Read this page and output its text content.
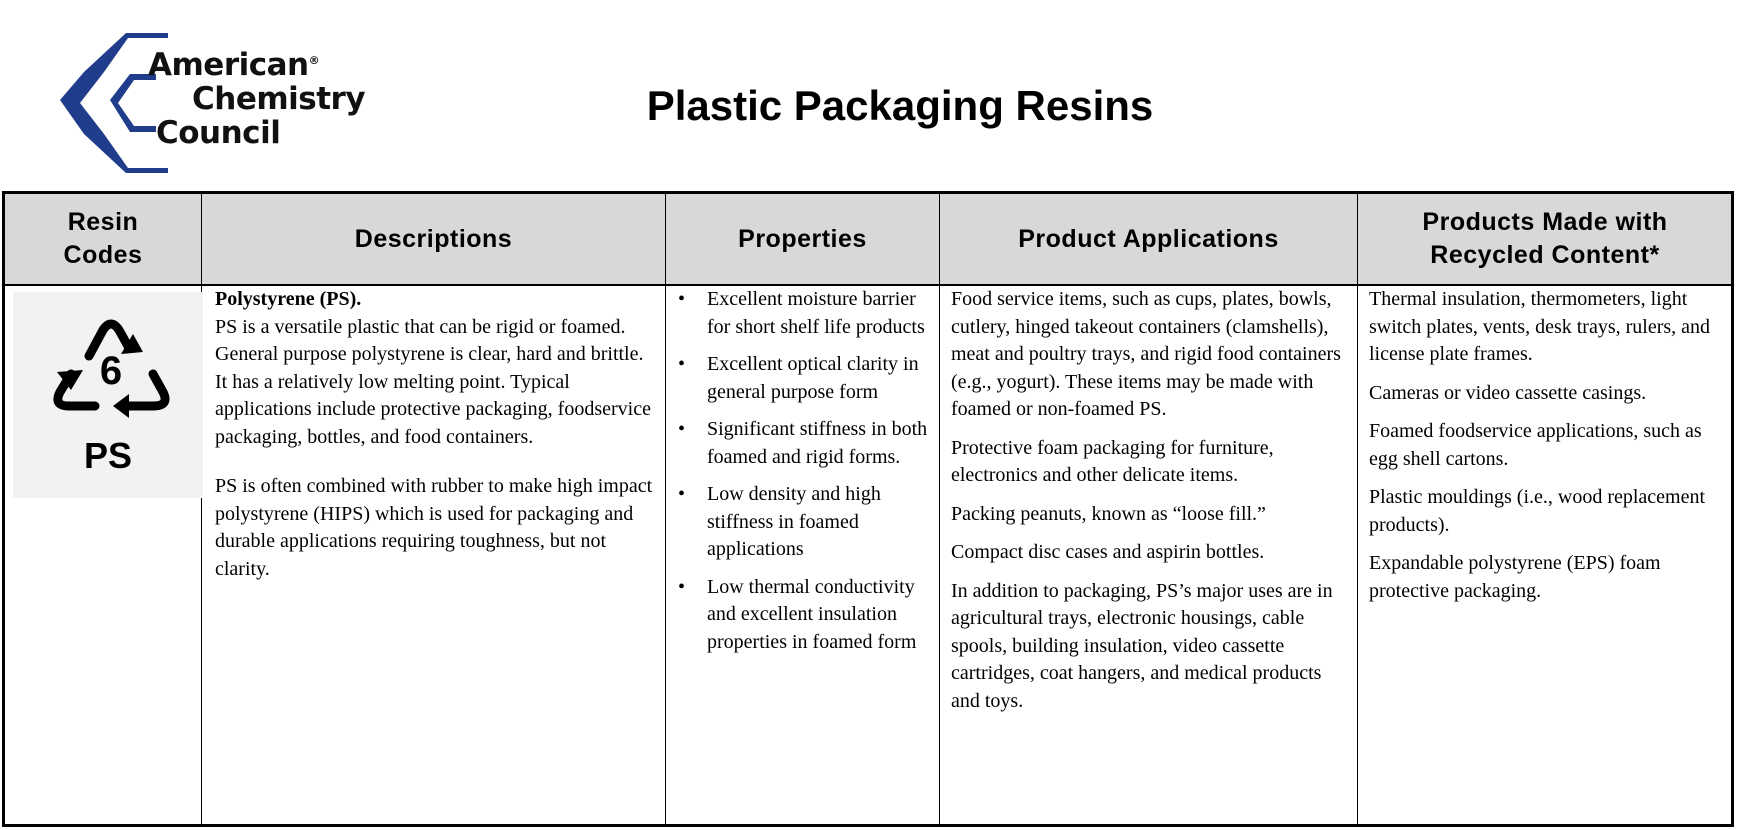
American®
Chemistry
Council
Plastic Packaging Resins
Resin
Codes
Descriptions	Properties	Product Applications
Products Made with
Recycled Content*
6
PS

Polystyrene (PS).

PS is a versatile plastic that can be rigid or foamed. General purpose polystyrene is clear, hard and brittle. It has a relatively low melting point. Typical applications include protective packaging, foodservice packaging, bottles, and food containers.

PS is often combined with rubber to make high impact polystyrene (HIPS) which is used for packaging and durable applications requiring toughness, but not clarity.

• Excellent moisture barrier for short shelf life products
• Excellent optical clarity in general purpose form
• Significant stiffness in both foamed and rigid forms.
• Low density and high stiffness in foamed applications
• Low thermal conductivity and excellent insulation properties in foamed form

Food service items, such as cups, plates, bowls, cutlery, hinged takeout containers (clamshells), meat and poultry trays, and rigid food containers (e.g., yogurt). These items may be made with foamed or non-foamed PS.

Protective foam packaging for furniture, electronics and other delicate items.

Packing peanuts, known as “loose fill.”

Compact disc cases and aspirin bottles.

In addition to packaging, PS’s major uses are in agricultural trays, electronic housings, cable spools, building insulation, video cassette cartridges, coat hangers, and medical products and toys.

Thermal insulation, thermometers, light switch plates, vents, desk trays, rulers, and license plate frames.

Cameras or video cassette casings.

Foamed foodservice applications, such as egg shell cartons.

Plastic mouldings (i.e., wood replacement products).

Expandable polystyrene (EPS) foam protective packaging.
